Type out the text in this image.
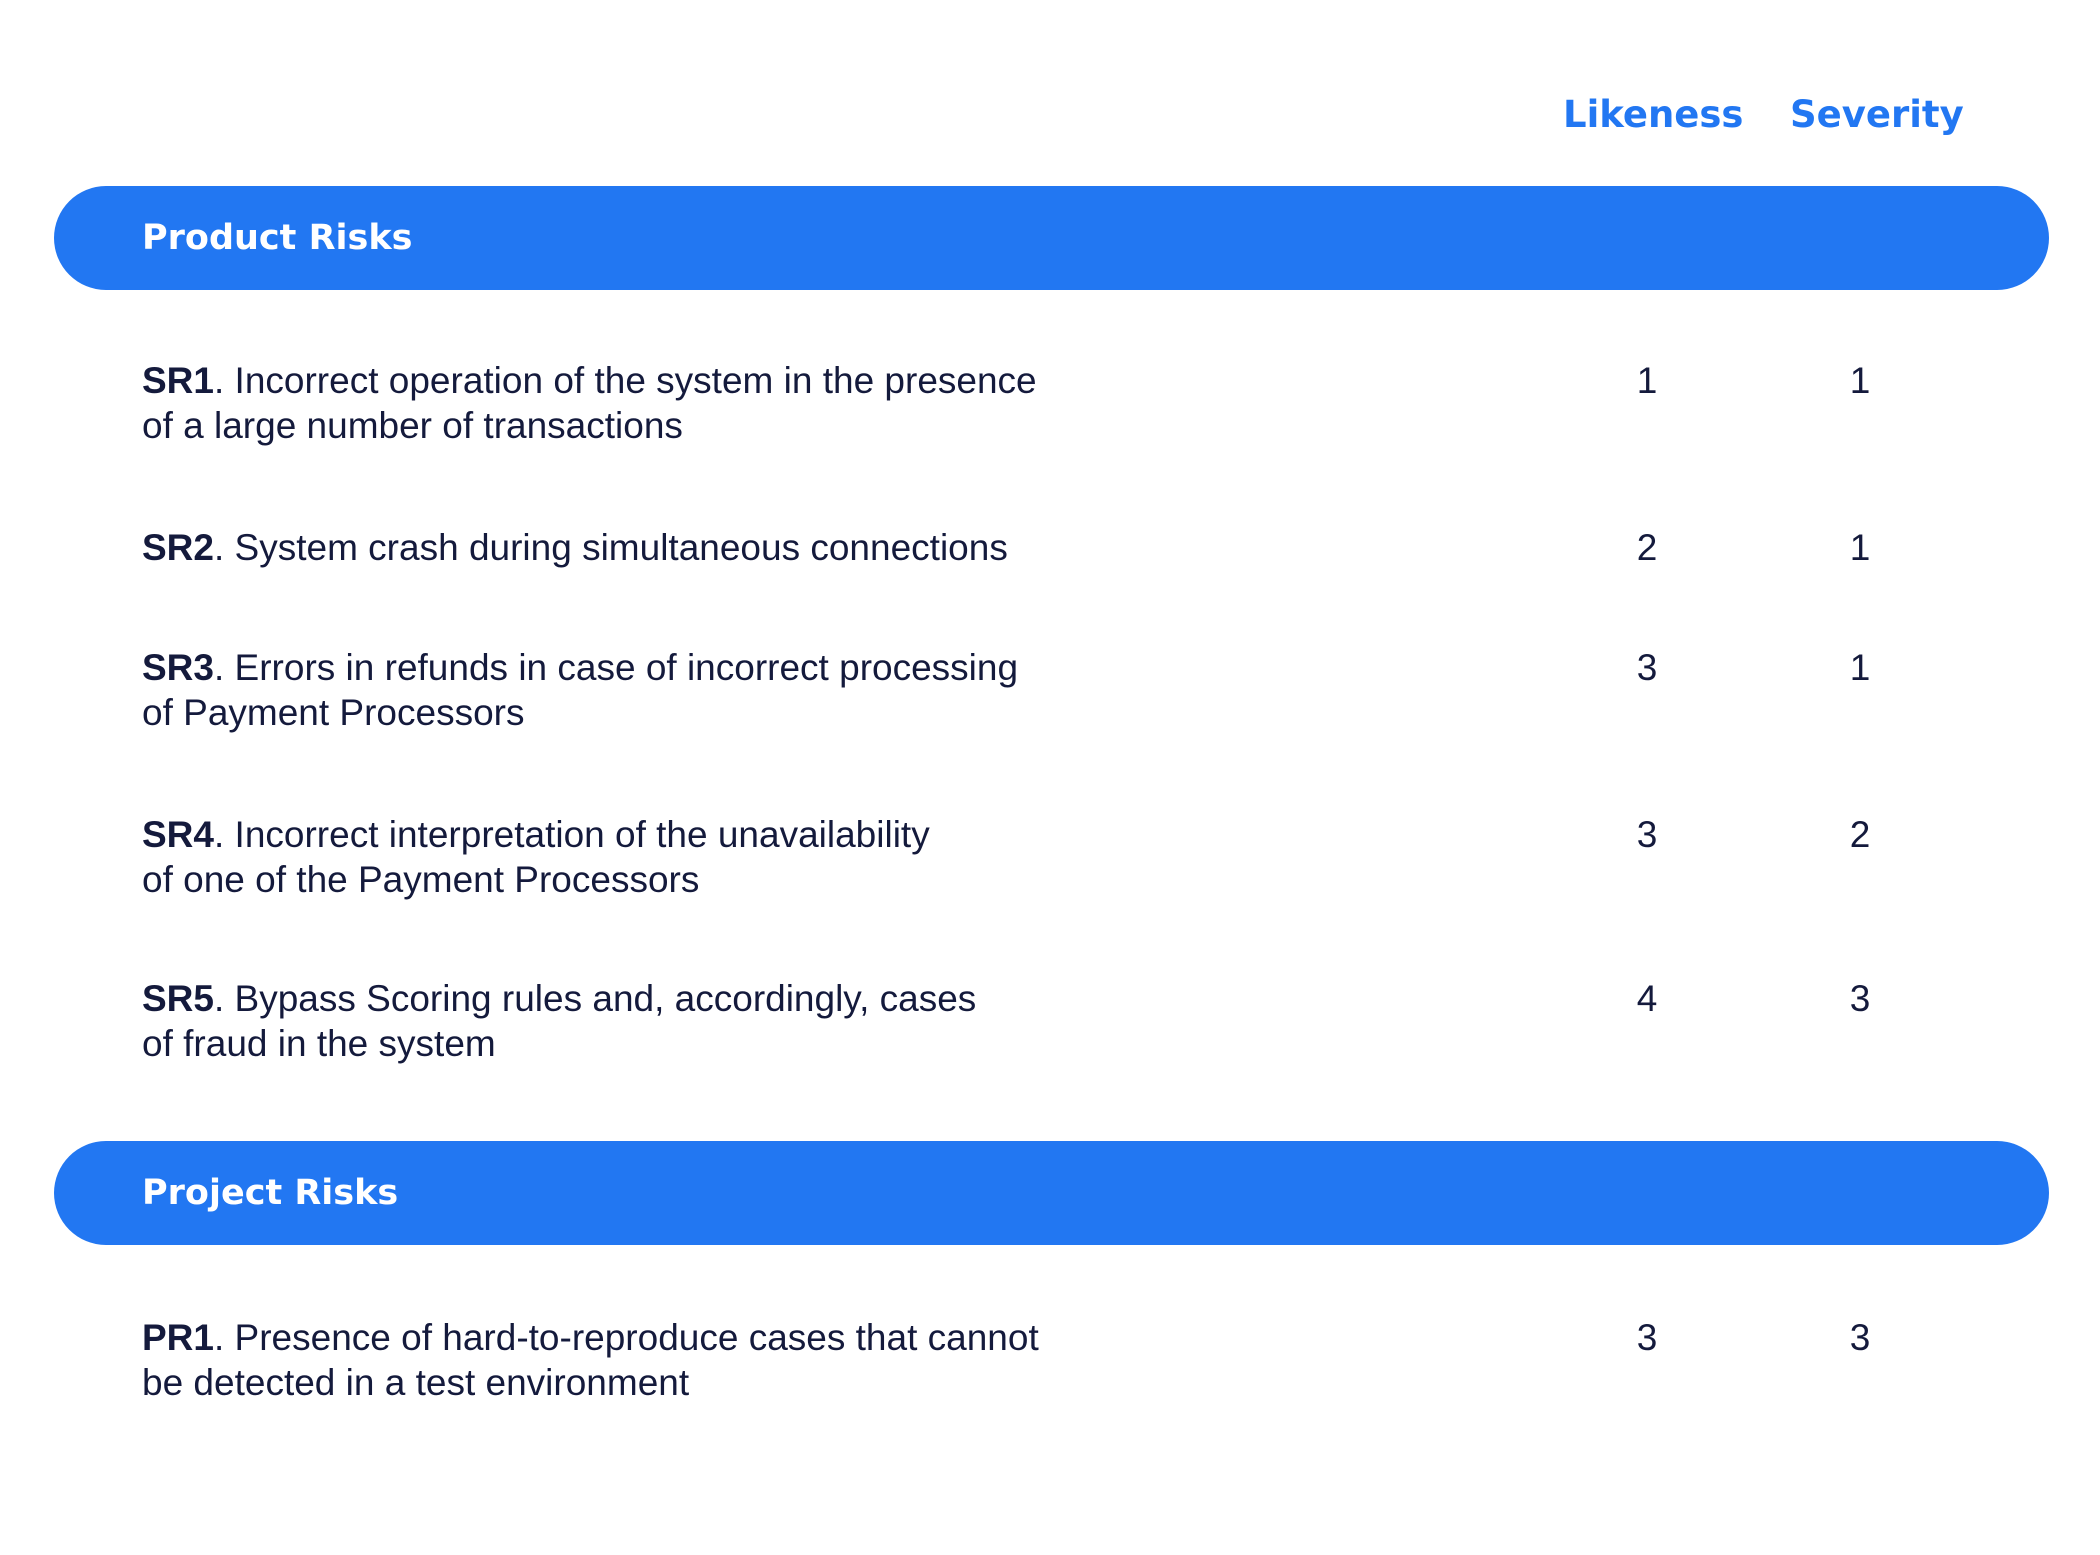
Likeness Severity
Product Risks
SR1. Incorrect operation of the system in the presence
of a large number of transactions
1	1
SR2. System crash during simultaneous connections	2	1
SR3. Errors in refunds in case of incorrect processing
of Payment Processors
3	1
SR4. Incorrect interpretation of the unavailability
of one of the Payment Processors
3	2
SR5. Bypass Scoring rules and, accordingly, cases
of fraud in the system
4	3
Project Risks
PR1. Presence of hard-to-reproduce cases that cannot
be detected in a test environment
3	3
